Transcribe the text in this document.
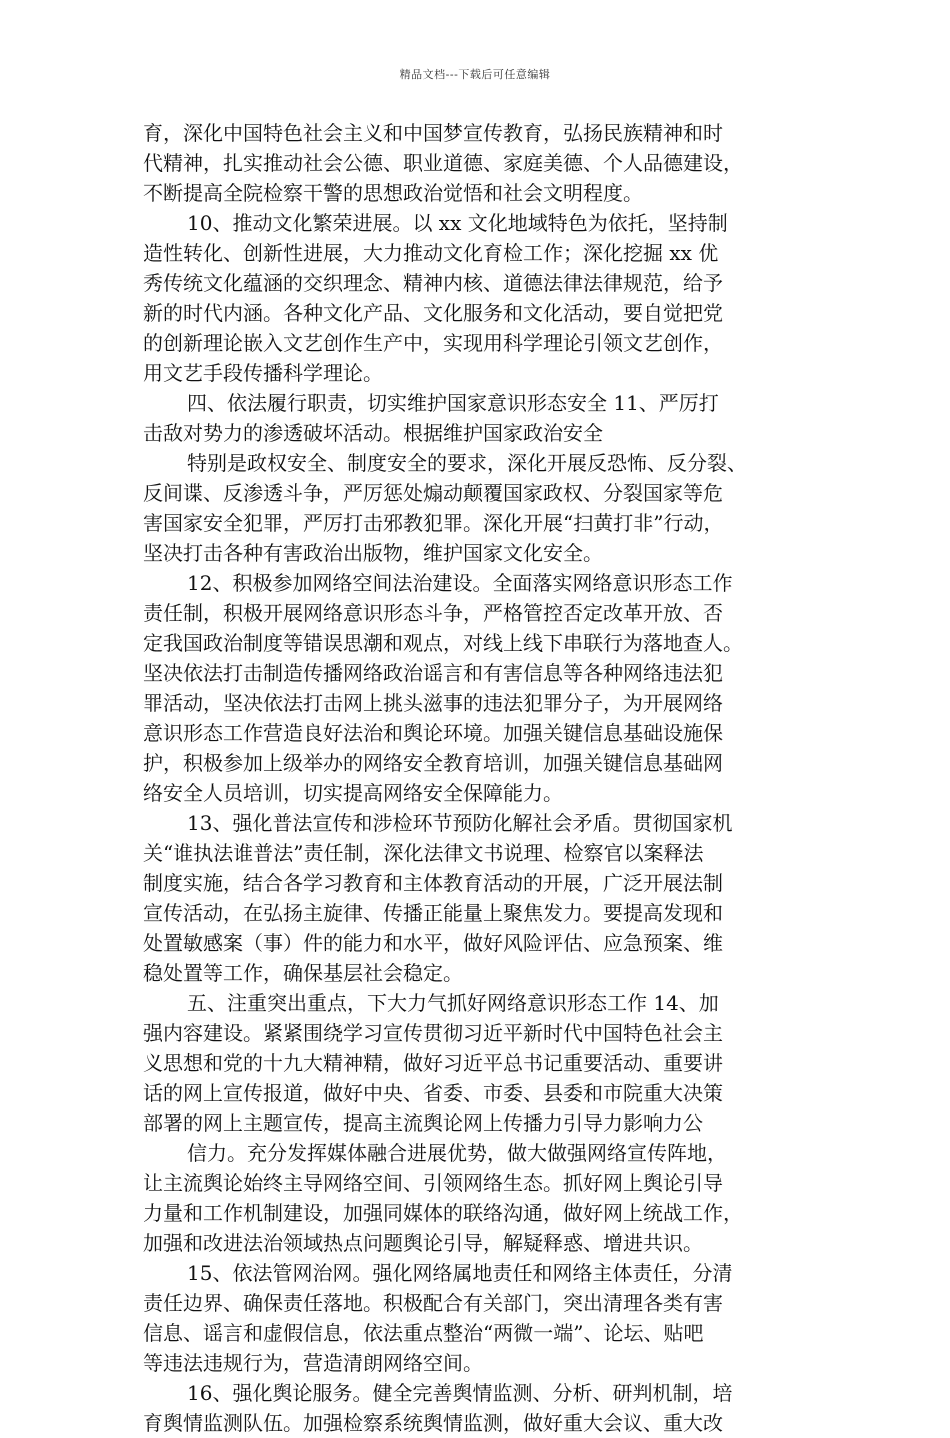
精品文档---下载后可任意编辑
育，深化中国特色社会主义和中国梦宣传教育，弘扬民族精神和时
代精神，扎实推动社会公德、职业道德、家庭美德、个人品德建设，
不断提高全院检察干警的思想政治觉悟和社会文明程度。
10、推动文化繁荣进展。以 xx 文化地域特色为依托，坚持制
造性转化、创新性进展，大力推动文化育检工作；深化挖掘 xx 优
秀传统文化蕴涵的交织理念、精神内核、道德法律法律规范，给予
新的时代内涵。各种文化产品、文化服务和文化活动，要自觉把党
的创新理论嵌入文艺创作生产中，实现用科学理论引领文艺创作，
用文艺手段传播科学理论。
四、依法履行职责，切实维护国家意识形态安全 11、严厉打
击敌对势力的渗透破坏活动。根据维护国家政治安全
特别是政权安全、制度安全的要求，深化开展反恐怖、反分裂、
反间谍、反渗透斗争，严厉惩处煽动颠覆国家政权、分裂国家等危
害国家安全犯罪，严厉打击邪教犯罪。深化开展“扫黄打非”行动，
坚决打击各种有害政治出版物，维护国家文化安全。
12、积极参加网络空间法治建设。全面落实网络意识形态工作
责任制，积极开展网络意识形态斗争，严格管控否定改革开放、否
定我国政治制度等错误思潮和观点，对线上线下串联行为落地查人。
坚决依法打击制造传播网络政治谣言和有害信息等各种网络违法犯
罪活动，坚决依法打击网上挑头滋事的违法犯罪分子，为开展网络
意识形态工作营造良好法治和舆论环境。加强关键信息基础设施保
护，积极参加上级举办的网络安全教育培训，加强关键信息基础网
络安全人员培训，切实提高网络安全保障能力。
13、强化普法宣传和涉检环节预防化解社会矛盾。贯彻国家机
关“谁执法谁普法”责任制，深化法律文书说理、检察官以案释法
制度实施，结合各学习教育和主体教育活动的开展，广泛开展法制
宣传活动，在弘扬主旋律、传播正能量上聚焦发力。要提高发现和
处置敏感案（事）件的能力和水平，做好风险评估、应急预案、维
稳处置等工作，确保基层社会稳定。
五、注重突出重点，下大力气抓好网络意识形态工作 14、加
强内容建设。紧紧围绕学习宣传贯彻习近平新时代中国特色社会主
义思想和党的十九大精神精，做好习近平总书记重要活动、重要讲
话的网上宣传报道，做好中央、省委、市委、县委和市院重大决策
部署的网上主题宣传，提高主流舆论网上传播力引导力影响力公
信力。充分发挥媒体融合进展优势，做大做强网络宣传阵地，
让主流舆论始终主导网络空间、引领网络生态。抓好网上舆论引导
力量和工作机制建设，加强同媒体的联络沟通，做好网上统战工作，
加强和改进法治领域热点问题舆论引导，解疑释惑、增进共识。
15、依法管网治网。强化网络属地责任和网络主体责任，分清
责任边界、确保责任落地。积极配合有关部门，突出清理各类有害
信息、谣言和虚假信息，依法重点整治“两微一端”、论坛、贴吧
等违法违规行为，营造清朗网络空间。
16、强化舆论服务。健全完善舆情监测、分析、研判机制，培
育舆情监测队伍。加强检察系统舆情监测，做好重大会议、重大改
